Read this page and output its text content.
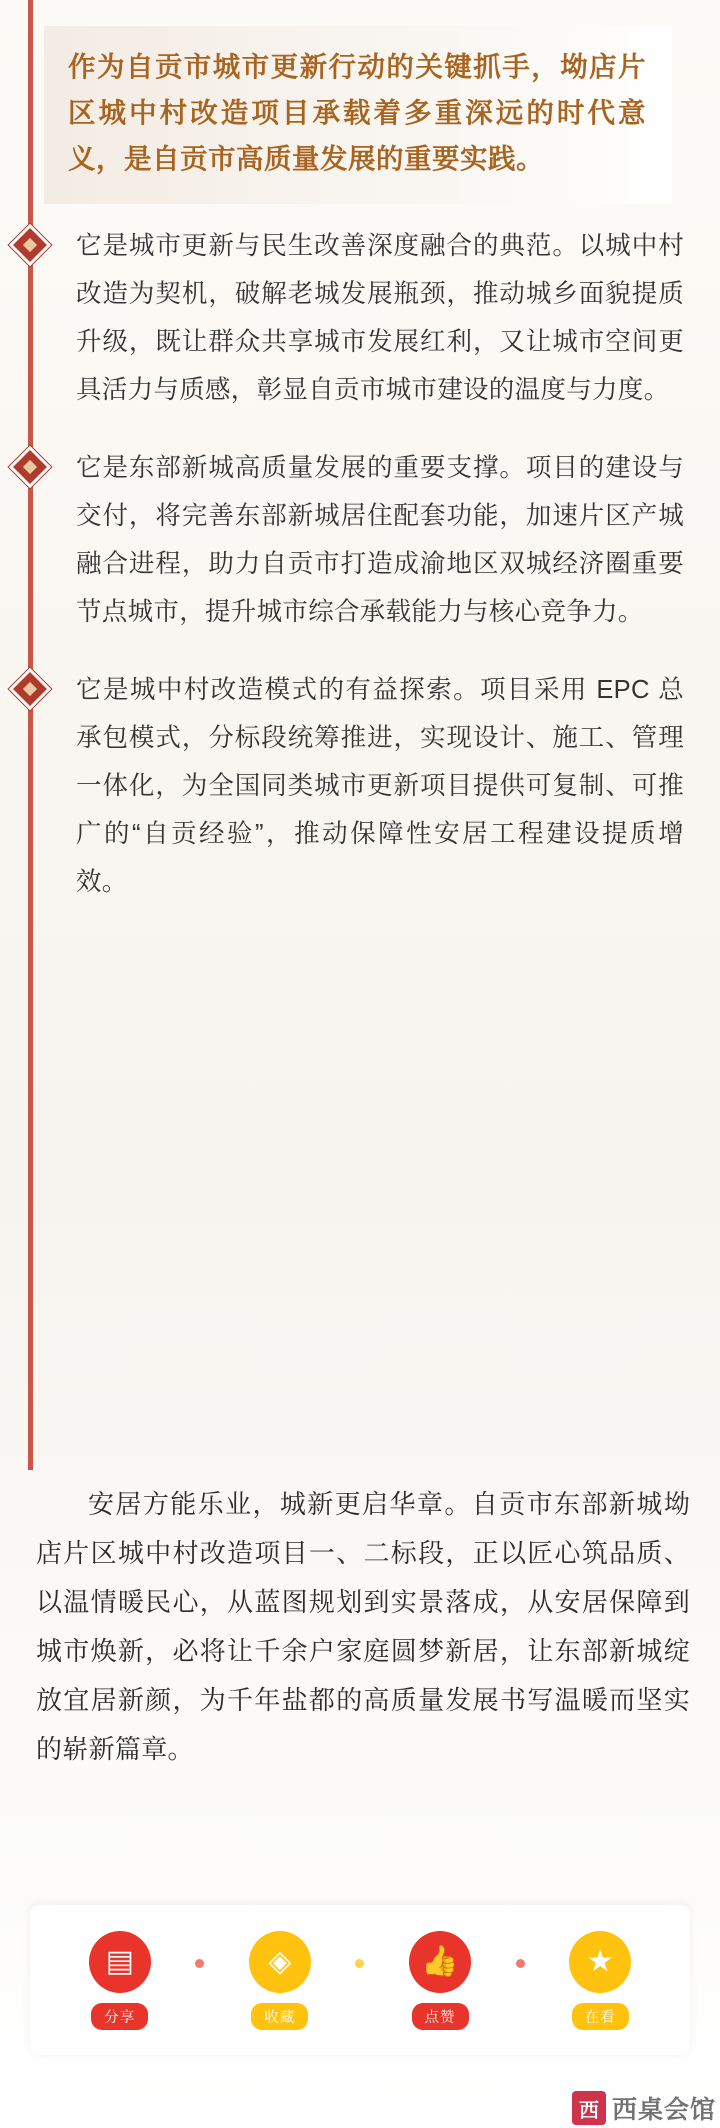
作为自贡市城市更新行动的关键抓手，坳店片区城中村改造项目承载着多重深远的时代意义，是自贡市高质量发展的重要实践。

它是城市更新与民生改善深度融合的典范。以城中村改造为契机，破解老城发展瓶颈，推动城乡面貌提质升级，既让群众共享城市发展红利，又让城市空间更具活力与质感，彰显自贡市城市建设的温度与力度。

它是东部新城高质量发展的重要支撑。项目的建设与交付，将完善东部新城居住配套功能，加速片区产城融合进程，助力自贡市打造成渝地区双城经济圈重要节点城市，提升城市综合承载能力与核心竞争力。

它是城中村改造模式的有益探索。项目采用 EPC 总承包模式，分标段统筹推进，实现设计、施工、管理一体化，为全国同类城市更新项目提供可复制、可推广的“自贡经验”，推动保障性安居工程建设提质增效。

安居方能乐业，城新更启华章。自贡市东部新城坳店片区城中村改造项目一、二标段，正以匠心筑品质、以温情暖民心，从蓝图规划到实景落成，从安居保障到城市焕新，必将让千余户家庭圆梦新居，让东部新城绽放宜居新颜，为千年盐都的高质量发展书写温暖而坚实的崭新篇章。

▤
分享
◈
收藏
👍
点赞
★
在看
西 西桌会馆
